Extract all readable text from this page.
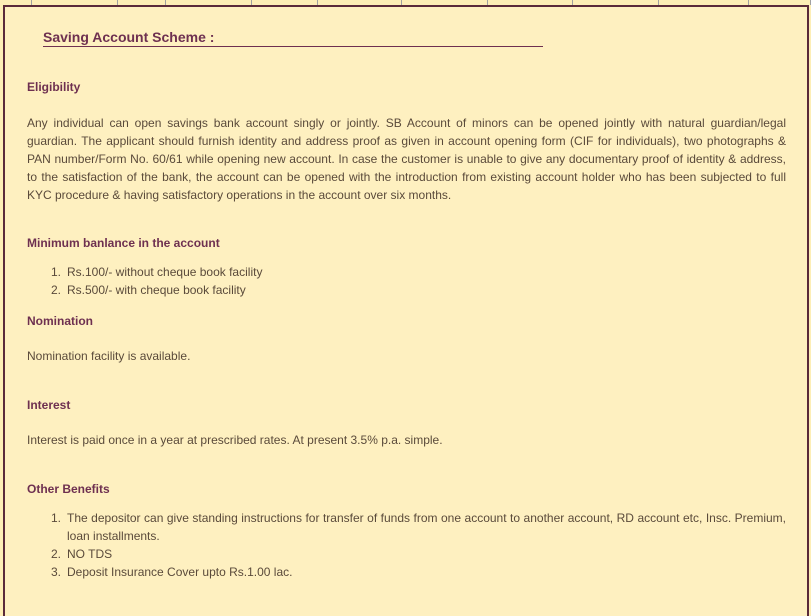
Saving Account Scheme :
Eligibility

Any individual can open savings bank account singly or jointly. SB Account of minors can be opened jointly with natural guardian/legal guardian. The applicant should furnish identity and address proof as given in account opening form (CIF for individuals), two photographs & PAN number/Form No. 60/61 while opening new account. In case the customer is unable to give any documentary proof of identity & address, to the satisfaction of the bank, the account can be opened with the introduction from existing account holder who has been subjected to full KYC procedure & having satisfactory operations in the account over six months.

Minimum banlance in the account
1. Rs.100/- without cheque book facility
2. Rs.500/- with cheque book facility
Nomination

Nomination facility is available.

Interest

Interest is paid once in a year at prescribed rates. At present 3.5% p.a. simple.

Other Benefits
1. The depositor can give standing instructions for transfer of funds from one account to another account, RD account etc, Insc. Premium, loan installments.
2. NO TDS
3. Deposit Insurance Cover upto Rs.1.00 lac.
